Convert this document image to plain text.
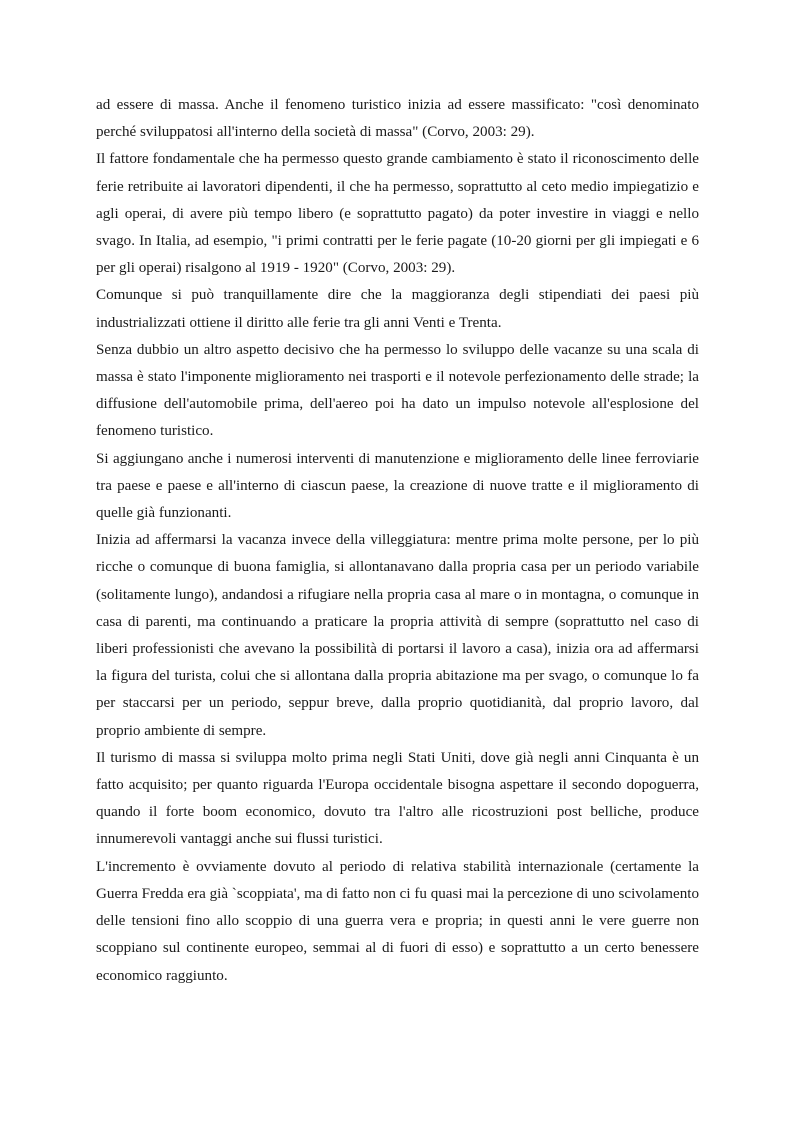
ad essere di massa. Anche il fenomeno turistico inizia ad essere massificato: "così denominato perché sviluppatosi all'interno della società di massa" (Corvo, 2003: 29).

Il fattore fondamentale che ha permesso questo grande cambiamento è stato il riconoscimento delle ferie retribuite ai lavoratori dipendenti, il che ha permesso, soprattutto al ceto medio impiegatizio e agli operai, di avere più tempo libero (e soprattutto pagato) da poter investire in viaggi e nello svago. In Italia, ad esempio, "i primi contratti per le ferie pagate (10-20 giorni per gli impiegati e 6 per gli operai) risalgono al 1919 - 1920" (Corvo, 2003: 29).

Comunque si può tranquillamente dire che la maggioranza degli stipendiati dei paesi più industrializzati ottiene il diritto alle ferie tra gli anni Venti e Trenta.

Senza dubbio un altro aspetto decisivo che ha permesso lo sviluppo delle vacanze su una scala di massa è stato l'imponente miglioramento nei trasporti e il notevole perfezionamento delle strade; la diffusione dell'automobile prima, dell'aereo poi ha dato un impulso notevole all'esplosione del fenomeno turistico.

Si aggiungano anche i numerosi interventi di manutenzione e miglioramento delle linee ferroviarie tra paese e paese e all'interno di ciascun paese, la creazione di nuove tratte e il miglioramento di quelle già funzionanti.

Inizia ad affermarsi la vacanza invece della villeggiatura: mentre prima molte persone, per lo più ricche o comunque di buona famiglia, si allontanavano dalla propria casa per un periodo variabile (solitamente lungo), andandosi a rifugiare nella propria casa al mare o in montagna, o comunque in casa di parenti, ma continuando a praticare la propria attività di sempre (soprattutto nel caso di liberi professionisti che avevano la possibilità di portarsi il lavoro a casa), inizia ora ad affermarsi la figura del turista, colui che si allontana dalla propria abitazione ma per svago, o comunque lo fa per staccarsi per un periodo, seppur breve, dalla proprio quotidianità, dal proprio lavoro, dal proprio ambiente di sempre.

Il turismo di massa si sviluppa molto prima negli Stati Uniti, dove già negli anni Cinquanta è un fatto acquisito; per quanto riguarda l'Europa occidentale bisogna aspettare il secondo dopoguerra, quando il forte boom economico, dovuto tra l'altro alle ricostruzioni post belliche, produce innumerevoli vantaggi anche sui flussi turistici.

L'incremento è ovviamente dovuto al periodo di relativa stabilità internazionale (certamente la Guerra Fredda era già `scoppiata', ma di fatto non ci fu quasi mai la percezione di uno scivolamento delle tensioni fino allo scoppio di una guerra vera e propria; in questi anni le vere guerre non scoppiano sul continente europeo, semmai al di fuori di esso) e soprattutto a un certo benessere economico raggiunto.
